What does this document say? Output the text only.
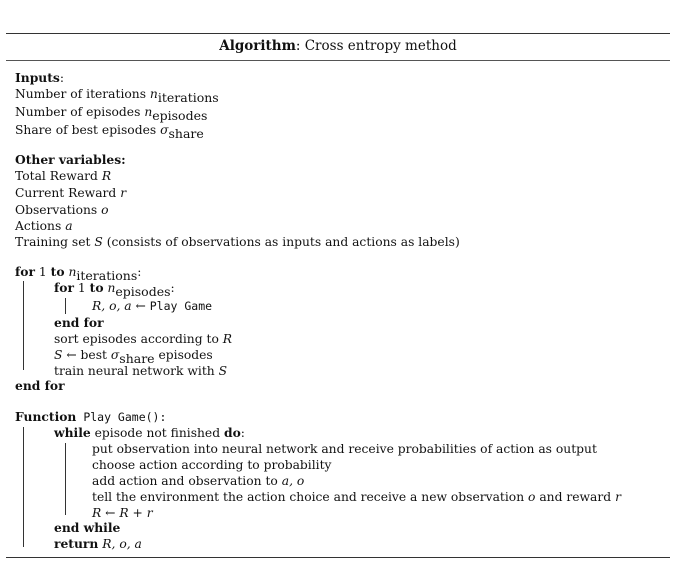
Algorithm: Cross entropy method
Inputs:
Number of iterations niterations
Number of episodes nepisodes
Share of best episodes σshare
Other variables:
Total Reward R
Current Reward r
Observations o
Actions a
Training set S (consists of observations as inputs and actions as labels)
for 1 to niterations:
for 1 to nepisodes:
R, o, a ← Play Game
end for
sort episodes according to R
S ← best σshare episodes
train neural network with S
end for
Function Play Game():
while episode not finished do:
put observation into neural network and receive probabilities of action as output
choose action according to probability
add action and observation to a, o
tell the environment the action choice and receive a new observation o and reward r
R ← R + r
end while
return R, o, a
